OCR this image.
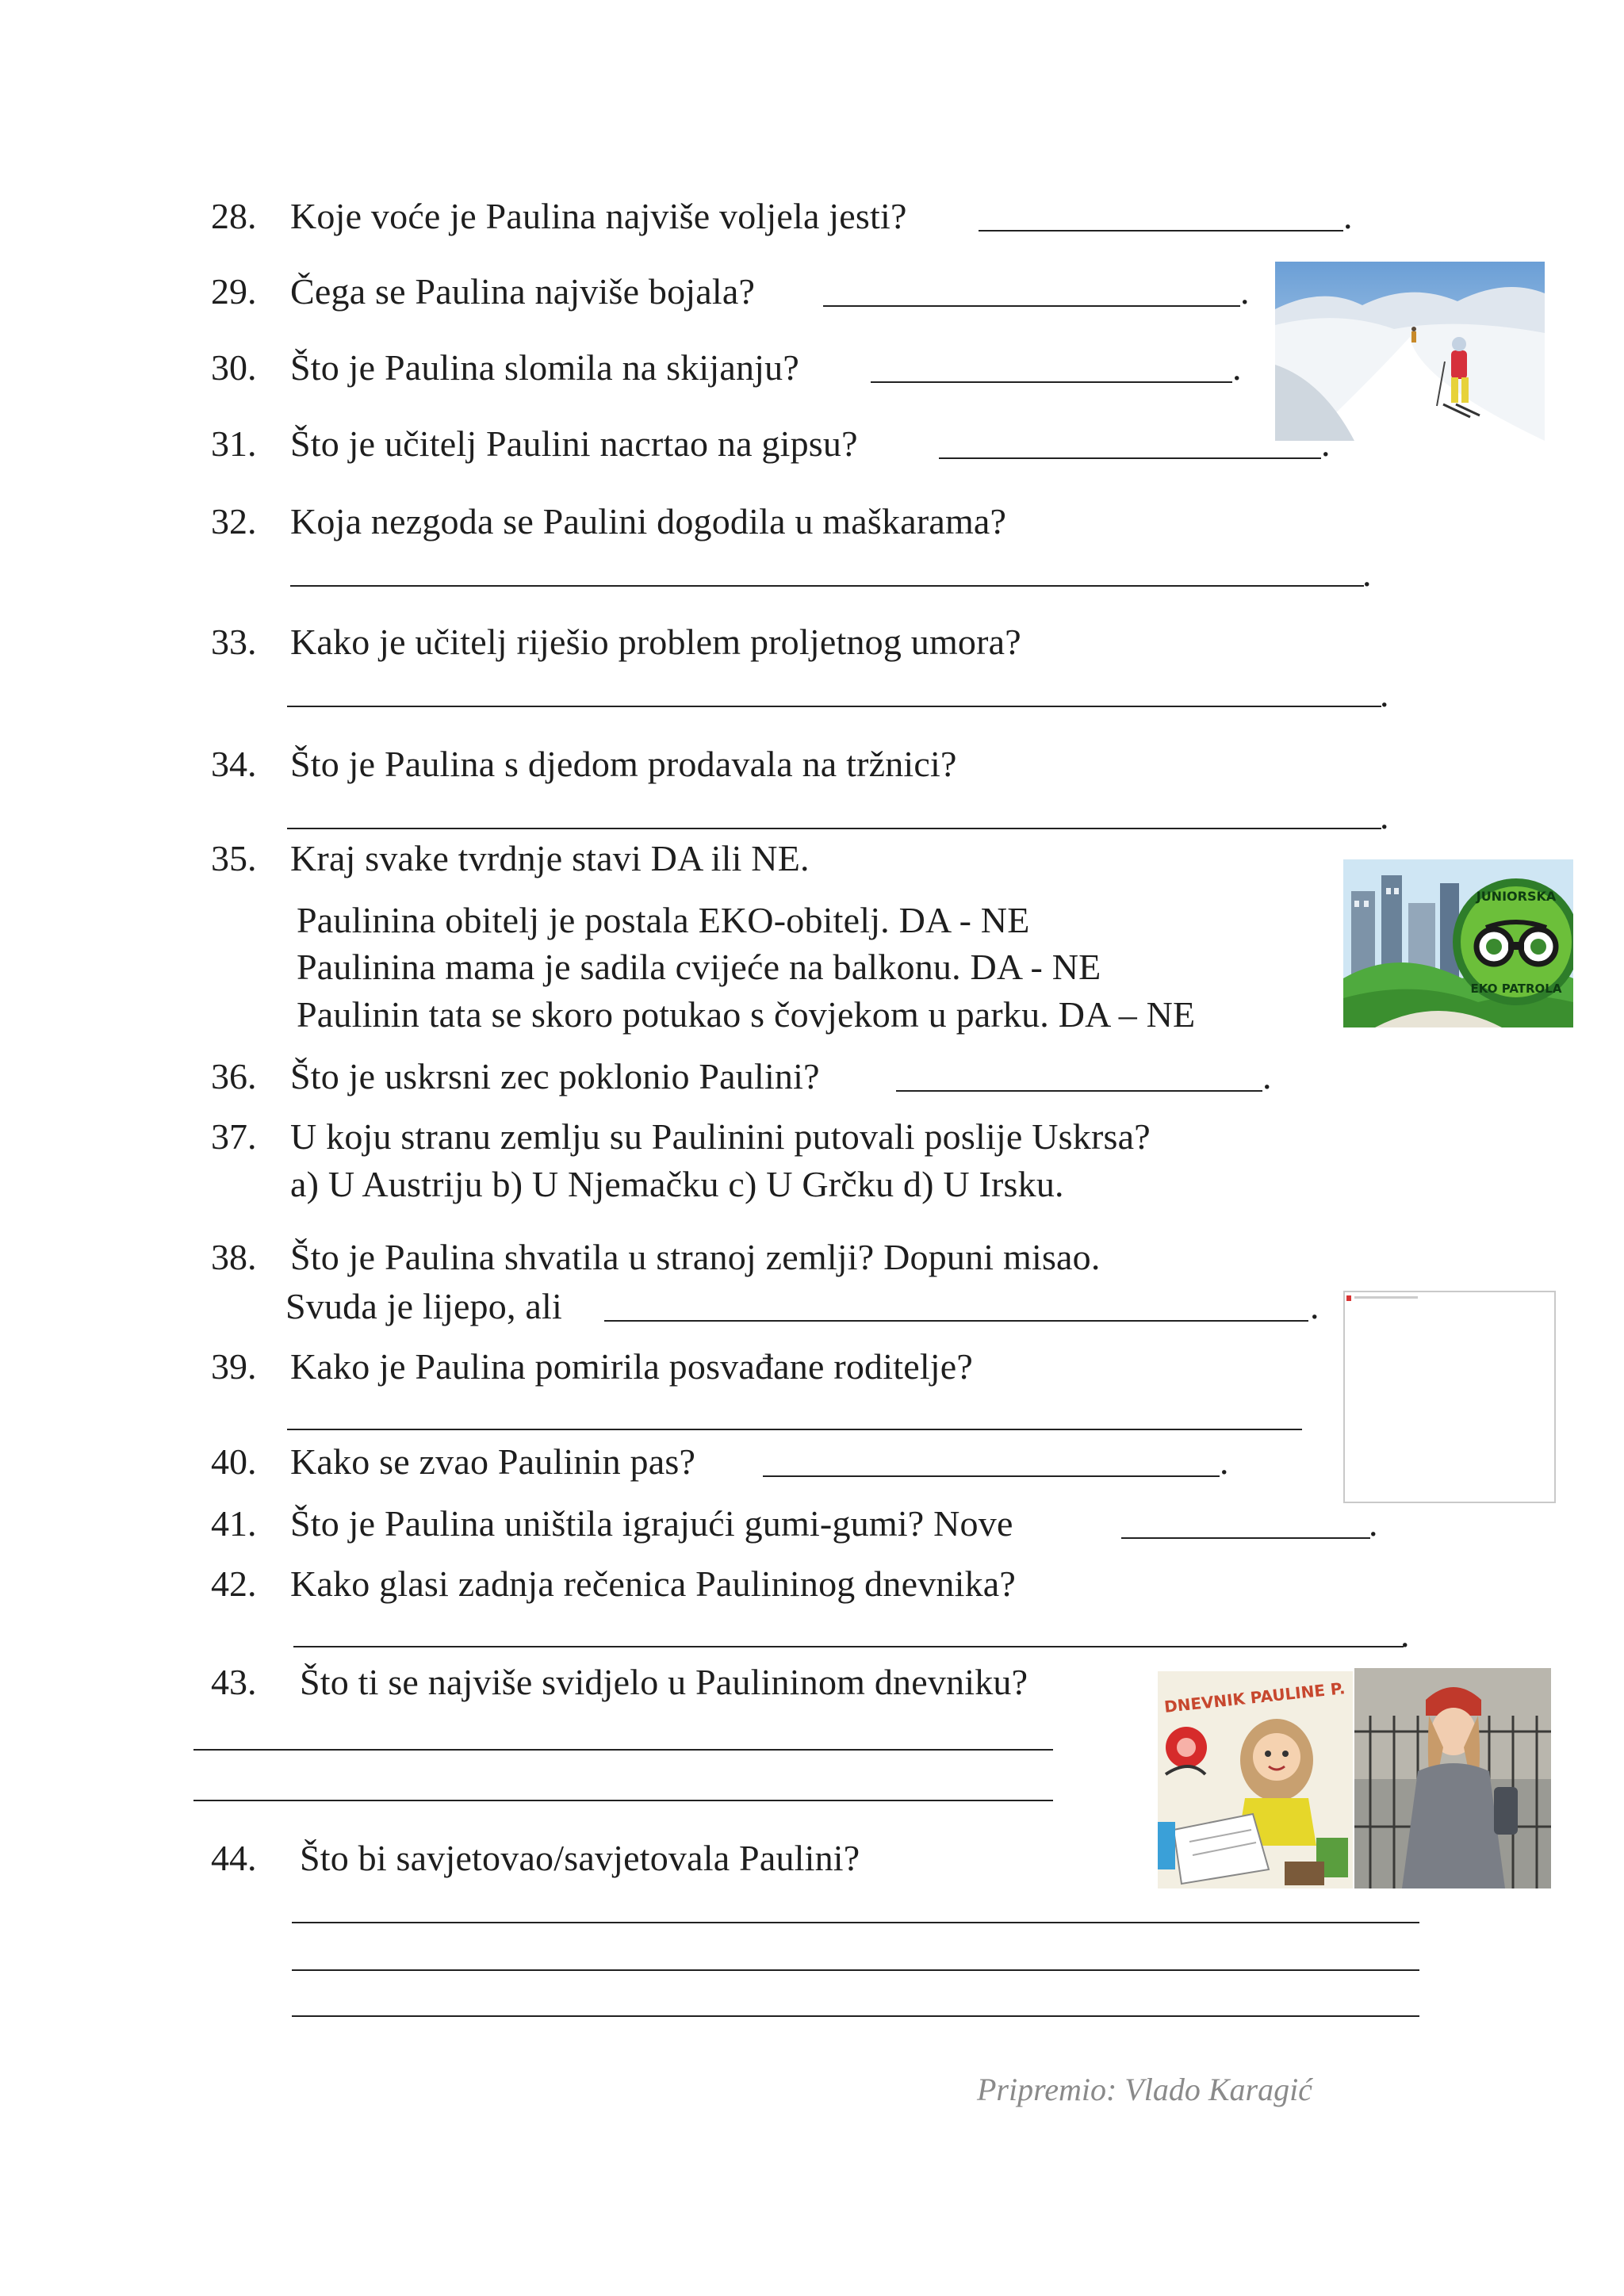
28. Koje voće je Paulina najviše voljela jesti?	.
29. Čega se Paulina najviše bojala?	.
30. Što je Paulina slomila na skijanju?	.
31. Što je učitelj Paulini nacrtao na gipsu?	.
32. Koja nezgoda se Paulini dogodila u maškarama?
.
33. Kako je učitelj riješio problem proljetnog umora?
.
34. Što je Paulina s djedom prodavala na tržnici?
.
35. Kraj svake tvrdnje stavi DA ili NE.
Paulinina obitelj je postala EKO-obitelj. DA - NE
Paulinina mama je sadila cvijeće na balkonu. DA - NE
Paulinin tata se skoro potukao s čovjekom u parku. DA – NE
JUNIORSKA
EKO PATROLA
36. Što je uskrsni zec poklonio Paulini?	.
37. U koju stranu zemlju su Paulinini putovali poslije Uskrsa?
a) U Austriju b) U Njemačku c) U Grčku d) U Irsku.
38. Što je Paulina shvatila u stranoj zemlji? Dopuni misao.
Svuda je lijepo, ali	.
39. Kako je Paulina pomirila posvađane roditelje?
40. Kako se zvao Paulinin pas?	.
41. Što je Paulina uništila igrajući gumi-gumi? Nove	.
42. Kako glasi zadnja rečenica Paulininog dnevnika?
.
43. Što ti se najviše svidjelo u Paulininom dnevniku?	DNEVNIK PAULINE P.
44. Što bi savjetovao/savjetovala Paulini?
Pripremio: Vlado Karagić
